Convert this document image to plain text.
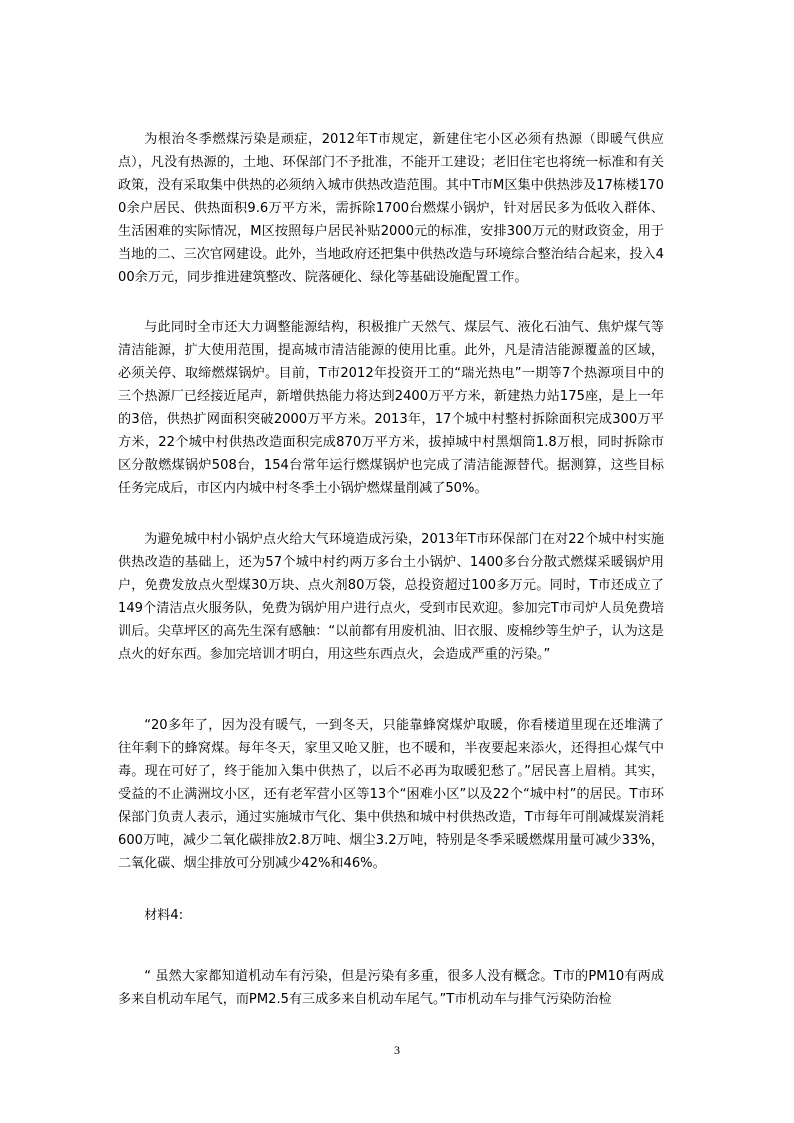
为根治冬季燃煤污染是顽症，2012年T市规定，新建住宅小区必须有热源（即暖气供应点），凡没有热源的，土地、环保部门不予批准，不能开工建设；老旧住宅也将统一标准和有关政策，没有采取集中供热的必须纳入城市供热改造范围。其中T市M区集中供热涉及17栋楼1700余户居民、供热面积9.6万平方米，需拆除1700台燃煤小锅炉，针对居民多为低收入群体、生活困难的实际情况，M区按照每户居民补贴2000元的标准，安排300万元的财政资金，用于当地的二、三次官网建设。此外，当地政府还把集中供热改造与环境综合整治结合起来，投入400余万元，同步推进建筑整改、院落硬化、绿化等基础设施配置工作。

与此同时全市还大力调整能源结构，积极推广天然气、煤层气、液化石油气、焦炉煤气等清洁能源，扩大使用范围，提高城市清洁能源的使用比重。此外，凡是清洁能源覆盖的区域，必须关停、取缔燃煤锅炉。目前，T市2012年投资开工的“瑞光热电”一期等7个热源项目中的三个热源厂已经接近尾声，新增供热能力将达到2400万平方米，新建热力站175座，是上一年的3倍，供热扩网面积突破2000万平方米。2013年，17个城中村整村拆除面积完成300万平方米，22个城中村供热改造面积完成870万平方米，拔掉城中村黑烟筒1.8万根，同时拆除市区分散燃煤锅炉508台，154台常年运行燃煤锅炉也完成了清洁能源替代。据测算，这些目标任务完成后，市区内内城中村冬季土小锅炉燃煤量削减了50%。

为避免城中村小锅炉点火给大气环境造成污染，2013年T市环保部门在对22个城中村实施供热改造的基础上，还为57个城中村约两万多台土小锅炉、1400多台分散式燃煤采暖锅炉用户，免费发放点火型煤30万块、点火剂80万袋，总投资超过100多万元。同时，T市还成立了149个清洁点火服务队，免费为锅炉用户进行点火，受到市民欢迎。参加完T市司炉人员免费培训后。尖草坪区的高先生深有感触：“以前都有用废机油、旧衣服、废棉纱等生炉子，认为这是点火的好东西。参加完培训才明白，用这些东西点火，会造成严重的污染。”

“20多年了，因为没有暖气，一到冬天，只能靠蜂窝煤炉取暖，你看楼道里现在还堆满了往年剩下的蜂窝煤。每年冬天，家里又呛又脏，也不暖和，半夜要起来添火，还得担心煤气中毒。现在可好了，终于能加入集中供热了，以后不必再为取暖犯愁了。”居民喜上眉梢。其实，受益的不止满洲坟小区，还有老军营小区等13个“困难小区”以及22个“城中村”的居民。T市环保部门负责人表示，通过实施城市气化、集中供热和城中村供热改造，T市每年可削减煤炭消耗600万吨，减少二氧化碳排放2.8万吨、烟尘3.2万吨，特别是冬季采暖燃煤用量可减少33%，二氧化碳、烟尘排放可分别减少42%和46%。

材料4:

“ 虽然大家都知道机动车有污染，但是污染有多重，很多人没有概念。T市的PM10有两成多来自机动车尾气，而PM2.5有三成多来自机动车尾气。”T市机动车与排气污染防治检

3
